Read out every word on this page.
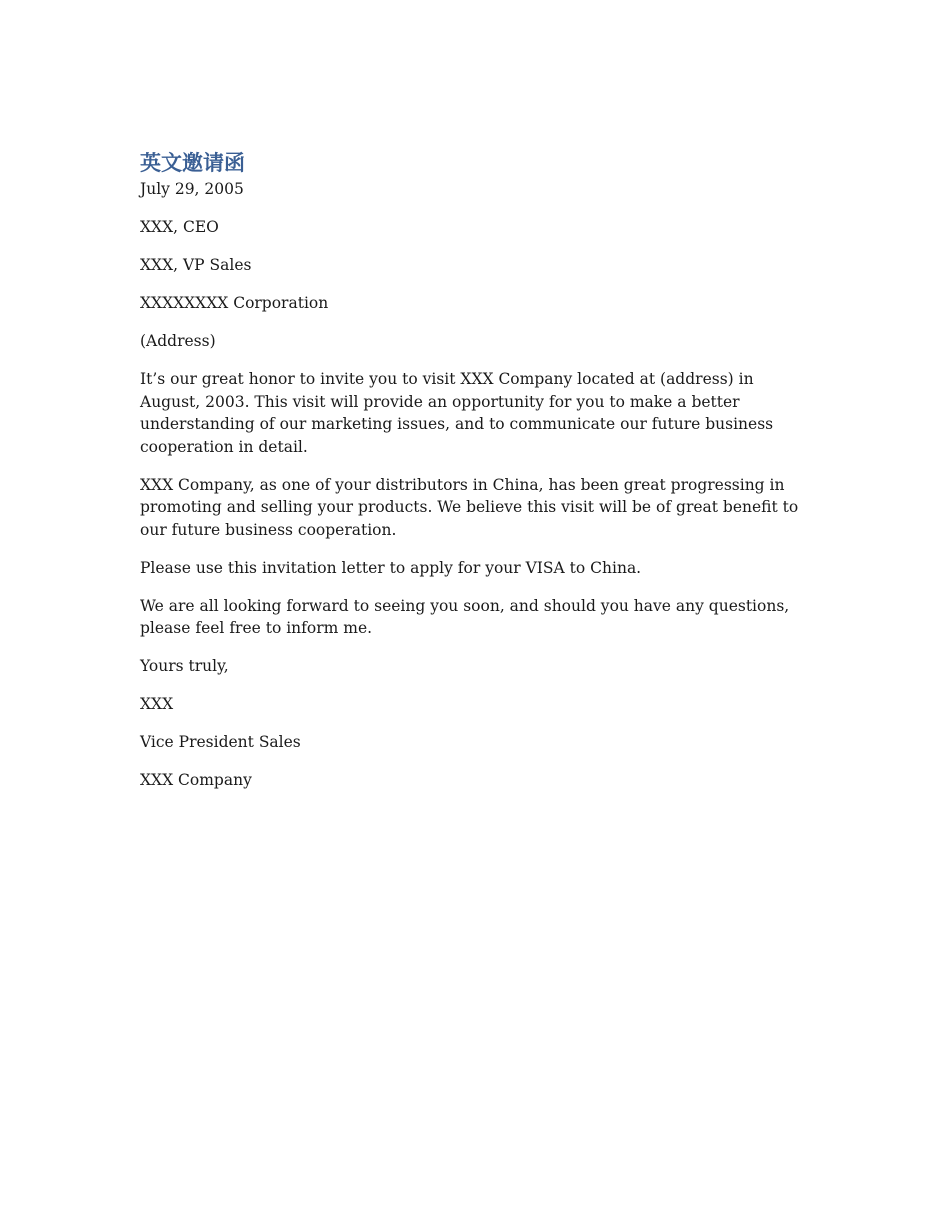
英文邀请函

July 29, 2005

XXX, CEO

XXX, VP Sales

XXXXXXXX Corporation

(Address)

It’s our great honor to invite you to visit XXX Company located at (address) in August, 2003. This visit will provide an opportunity for you to make a better understanding of our marketing issues, and to communicate our future business cooperation in detail.

XXX Company, as one of your distributors in China, has been great progressing in promoting and selling your products. We believe this visit will be of great benefit to our future business cooperation.

Please use this invitation letter to apply for your VISA to China.

We are all looking forward to seeing you soon, and should you have any questions, please feel free to inform me.

Yours truly,

XXX

Vice President Sales

XXX Company
